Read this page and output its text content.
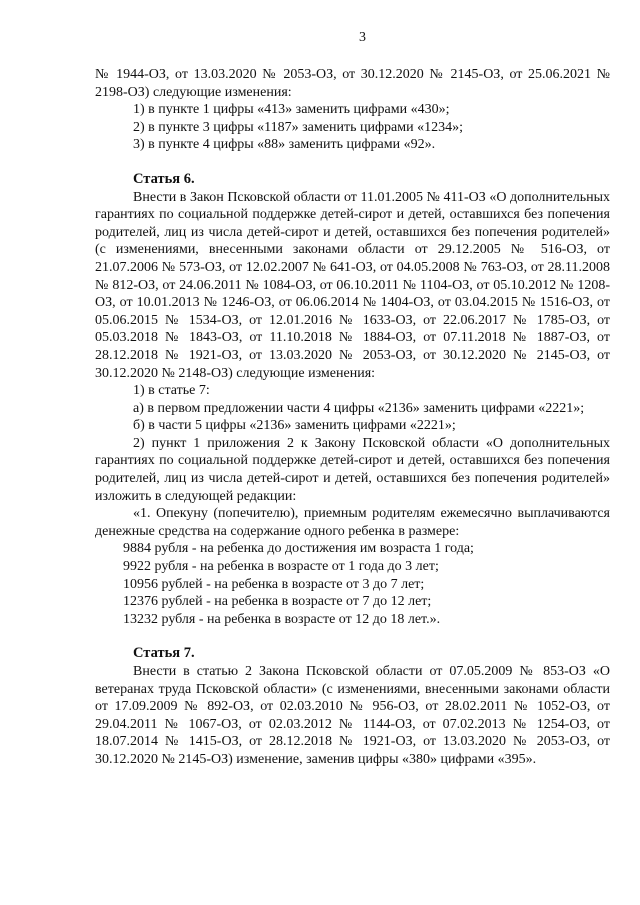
3

№ 1944-ОЗ, от 13.03.2020 № 2053-ОЗ, от 30.12.2020 № 2145-ОЗ, от 25.06.2021 № 2198-ОЗ) следующие изменения:

1) в пункте 1 цифры «413» заменить цифрами «430»;

2) в пункте 3 цифры «1187» заменить цифрами «1234»;

3) в пункте 4 цифры «88» заменить цифрами «92».

Статья 6.

Внести в Закон Псковской области от 11.01.2005 № 411-ОЗ «О дополнительных гарантиях по социальной поддержке детей-сирот и детей, оставшихся без попечения родителей, лиц из числа детей-сирот и детей, оставшихся без попечения родителей» (с изменениями, внесенными законами области от 29.12.2005 № 516-ОЗ, от 21.07.2006 № 573-ОЗ, от 12.02.2007 № 641-ОЗ, от 04.05.2008 № 763-ОЗ, от 28.11.2008 № 812-ОЗ, от 24.06.2011 № 1084-ОЗ, от 06.10.2011 № 1104-ОЗ, от 05.10.2012 № 1208-ОЗ, от 10.01.2013 № 1246-ОЗ, от 06.06.2014 № 1404-ОЗ, от 03.04.2015 № 1516-ОЗ, от 05.06.2015 № 1534-ОЗ, от 12.01.2016 № 1633-ОЗ, от 22.06.2017 № 1785-ОЗ, от 05.03.2018 № 1843-ОЗ, от 11.10.2018 № 1884-ОЗ, от 07.11.2018 № 1887-ОЗ, от 28.12.2018 № 1921-ОЗ, от 13.03.2020 № 2053-ОЗ, от 30.12.2020 № 2145-ОЗ, от 30.12.2020 № 2148-ОЗ) следующие изменения:

1) в статье 7:

а) в первом предложении части 4 цифры «2136» заменить цифрами «2221»;

б) в части 5 цифры «2136» заменить цифрами «2221»;

2) пункт 1 приложения 2 к Закону Псковской области «О дополнительных гарантиях по социальной поддержке детей-сирот и детей, оставшихся без попечения родителей, лиц из числа детей-сирот и детей, оставшихся без попечения родителей» изложить в следующей редакции:

«1. Опекуну (попечителю), приемным родителям ежемесячно выплачиваются денежные средства на содержание одного ребенка в размере:

9884 рубля - на ребенка до достижения им возраста 1 года;

9922 рубля - на ребенка в возрасте от 1 года до 3 лет;

10956 рублей - на ребенка в возрасте от 3 до 7 лет;

12376 рублей - на ребенка в возрасте от 7 до 12 лет;

13232 рубля - на ребенка в возрасте от 12 до 18 лет.».

Статья 7.

Внести в статью 2 Закона Псковской области от 07.05.2009 № 853-ОЗ «О ветеранах труда Псковской области» (с изменениями, внесенными законами области от 17.09.2009 № 892-ОЗ, от 02.03.2010 № 956-ОЗ, от 28.02.2011 № 1052-ОЗ, от 29.04.2011 № 1067-ОЗ, от 02.03.2012 № 1144-ОЗ, от 07.02.2013 № 1254-ОЗ, от 18.07.2014 № 1415-ОЗ, от 28.12.2018 № 1921-ОЗ, от 13.03.2020 № 2053-ОЗ, от 30.12.2020 № 2145-ОЗ) изменение, заменив цифры «380» цифрами «395».
